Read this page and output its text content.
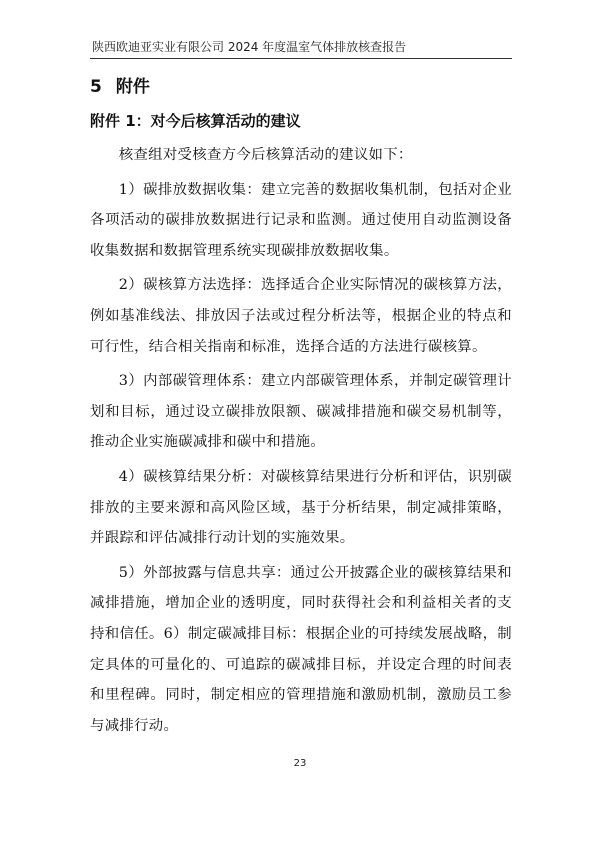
陕西欧迪亚实业有限公司 2024 年度温室气体排放核查报告
5 附件
附件 1：对今后核算活动的建议

核查组对受核查方今后核算活动的建议如下：

1）碳排放数据收集：建立完善的数据收集机制，包括对企业各项活动的碳排放数据进行记录和监测。通过使用自动监测设备收集数据和数据管理系统实现碳排放数据收集。

2）碳核算方法选择：选择适合企业实际情况的碳核算方法，例如基准线法、排放因子法或过程分析法等，根据企业的特点和可行性，结合相关指南和标准，选择合适的方法进行碳核算。

3）内部碳管理体系：建立内部碳管理体系，并制定碳管理计划和目标，通过设立碳排放限额、碳减排措施和碳交易机制等，推动企业实施碳减排和碳中和措施。

4）碳核算结果分析：对碳核算结果进行分析和评估，识别碳排放的主要来源和高风险区域，基于分析结果，制定减排策略，并跟踪和评估减排行动计划的实施效果。

5）外部披露与信息共享：通过公开披露企业的碳核算结果和减排措施，增加企业的透明度，同时获得社会和利益相关者的支持和信任。6）制定碳减排目标：根据企业的可持续发展战略，制定具体的可量化的、可追踪的碳减排目标，并设定合理的时间表和里程碑。同时，制定相应的管理措施和激励机制，激励员工参与减排行动。

23
